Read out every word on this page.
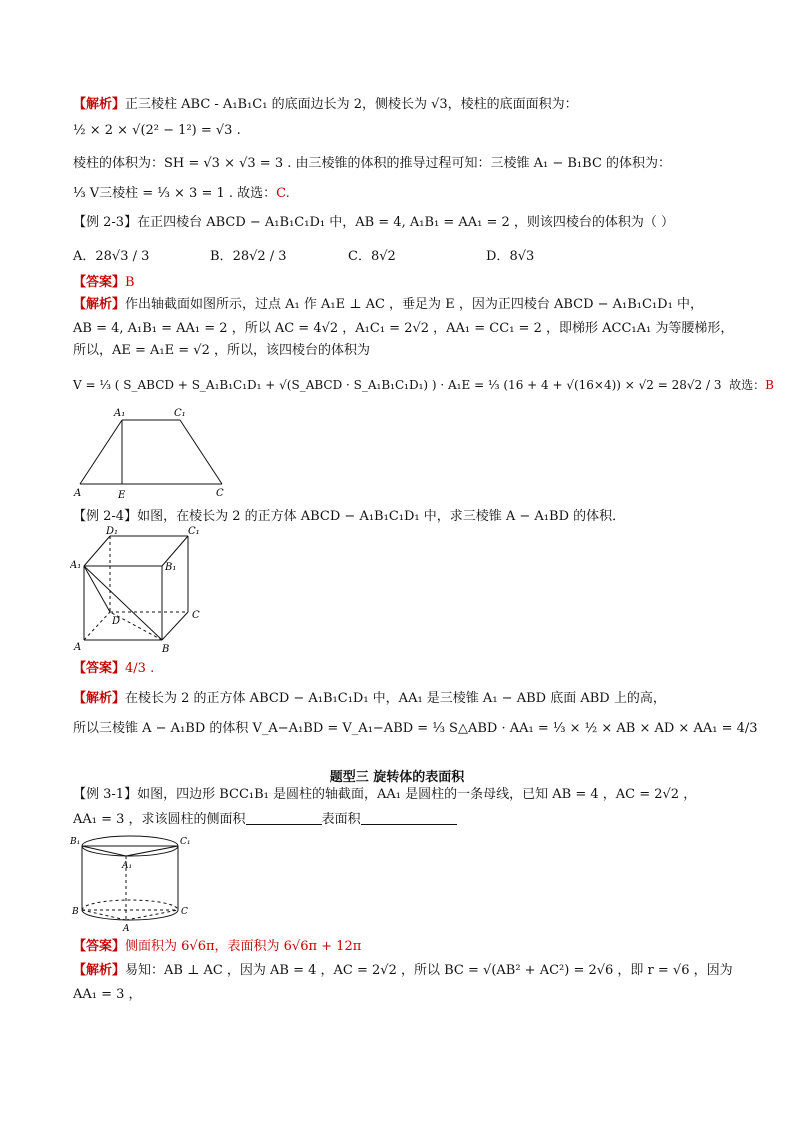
【解析】正三棱柱 ABC - A₁B₁C₁ 的底面边长为 2，侧棱长为 √3，棱柱的底面面积为：
½ × 2 × √(2² − 1²) = √3 .
棱柱的体积为：SH = √3 × √3 = 3 . 由三棱锥的体积的推导过程可知：三棱锥 A₁ − B₁BC 的体积为：
⅓ V三棱柱 = ⅓ × 3 = 1 . 故选：C.
【例 2-3】在正四棱台 ABCD − A₁B₁C₁D₁ 中，AB = 4, A₁B₁ = AA₁ = 2 ，则该四棱台的体积为（ ）
A．28√3 / 3	B．28√2 / 3	C．8√2	D．8√3
【答案】B
【解析】作出轴截面如图所示，过点 A₁ 作 A₁E ⊥ AC ，垂足为 E ，因为正四棱台 ABCD − A₁B₁C₁D₁ 中，
AB = 4, A₁B₁ = AA₁ = 2 ，所以 AC = 4√2 ，A₁C₁ = 2√2 ，AA₁ = CC₁ = 2 ，即梯形 ACC₁A₁ 为等腰梯形，
所以，AE = A₁E = √2 ，所以，该四棱台的体积为
V = ⅓ ( S_ABCD + S_A₁B₁C₁D₁ + √(S_ABCD · S_A₁B₁C₁D₁) ) · A₁E = ⅓ (16 + 4 + √(16×4)) × √2 = 28√2 / 3 故选：B
A₁	C₁
A	E	C
【例 2-4】如图，在棱长为 2 的正方体 ABCD − A₁B₁C₁D₁ 中，求三棱锥 A − A₁BD 的体积．
D₁	C₁
A₁	B₁
D
C
A	B
【答案】4/3 .
【解析】在棱长为 2 的正方体 ABCD − A₁B₁C₁D₁ 中，AA₁ 是三棱锥 A₁ − ABD 底面 ABD 上的高，
所以三棱锥 A − A₁BD 的体积 V_A−A₁BD = V_A₁−ABD = ⅓ S△ABD · AA₁ = ⅓ × ½ × AB × AD × AA₁ = 4/3
题型三 旋转体的表面积
【例 3-1】如图，四边形 BCC₁B₁ 是圆柱的轴截面，AA₁ 是圆柱的一条母线，已知 AB = 4 ，AC = 2√2 ，
AA₁ = 3 ，求该圆柱的侧面积	表面积
B₁	C₁
A₁
B	C
A
【答案】侧面积为 6√6π，表面积为 6√6π + 12π
【解析】易知：AB ⊥ AC ，因为 AB = 4 ，AC = 2√2 ，所以 BC = √(AB² + AC²) = 2√6 ，即 r = √6 ，因为
AA₁ = 3 ，
